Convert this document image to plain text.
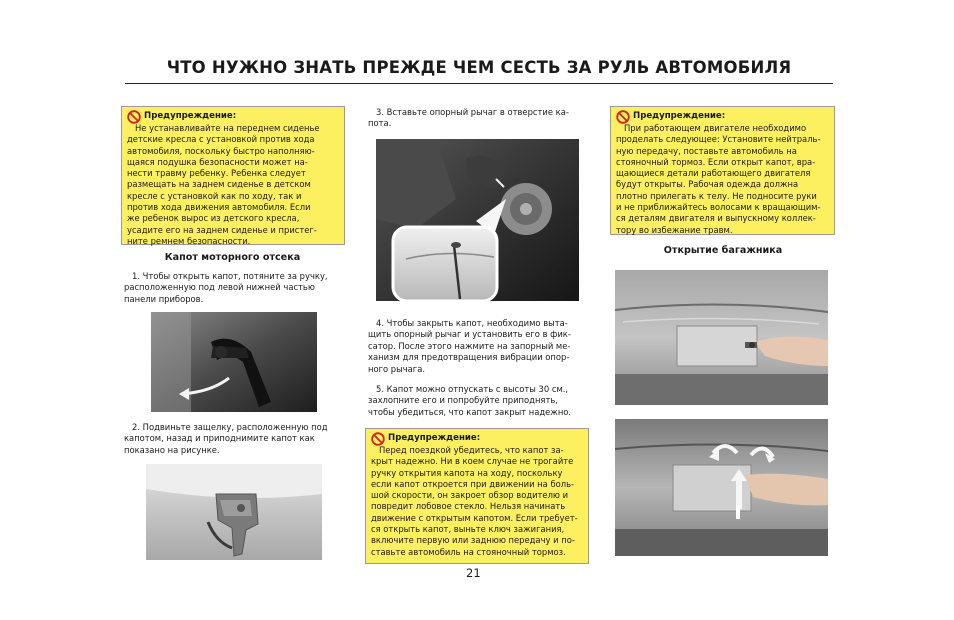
ЧТО НУЖНО ЗНАТЬ ПРЕЖДЕ ЧЕМ СЕСТЬ ЗА РУЛЬ АВТОМОБИЛЯ
Предупреждение:
Не устанавливайте на переднем сиденье
детские кресла с установкой против хода
автомобиля, поскольку быстро наполняю-
щаяся подушка безопасности может на-
нести травму ребенку. Ребенка следует
размещать на заднем сиденье в детском
кресле с установкой как по ходу, так и
против хода движения автомобиля. Если
же ребенок вырос из детского кресла,
усадите его на заднем сиденье и пристег-
ните ремнем безопасности.
Капот моторного отсека
1. Чтобы открыть капот, потяните за ручку,
расположенную под левой нижней частью
панели приборов.
2. Подвиньте защелку, расположенную под
капотом, назад и приподнимите капот как
показано на рисунке.
3. Вставьте опорный рычаг в отверстие ка-
пота.
4. Чтобы закрыть капот, необходимо выта-
щить опорный рычаг и установить его в фик-
сатор. После этого нажмите на запорный ме-
ханизм для предотвращения вибрации опор-
ного рычага.
5. Капот можно отпускать с высоты 30 см.,
захлопните его и попробуйте приподнять,
чтобы убедиться, что капот закрыт надежно.
Предупреждение:
Перед поездкой убедитесь, что капот за-
крыт надежно. Ни в коем случае не трогайте
ручку открытия капота на ходу, поскольку
если капот откроется при движении на боль-
шой скорости, он закроет обзор водителю и
повредит лобовое стекло. Нельзя начинать
движение с открытым капотом. Если требует-
ся открыть капот, выньте ключ зажигания,
включите первую или заднюю передачу и по-
ставьте автомобиль на стояночный тормоз.
21
Предупреждение:
При работающем двигателе необходимо
проделать следующее: Установите нейтраль-
ную передачу, поставьте автомобиль на
стояночный тормоз. Если открыт капот, вра-
щающиеся детали работающего двигателя
будут открыты. Рабочая одежда должна
плотно прилегать к телу. Не подносите руки
и не приближайтесь волосами к вращающим-
ся деталям двигателя и выпускному коллек-
тору во избежание травм.
Открытие багажника
